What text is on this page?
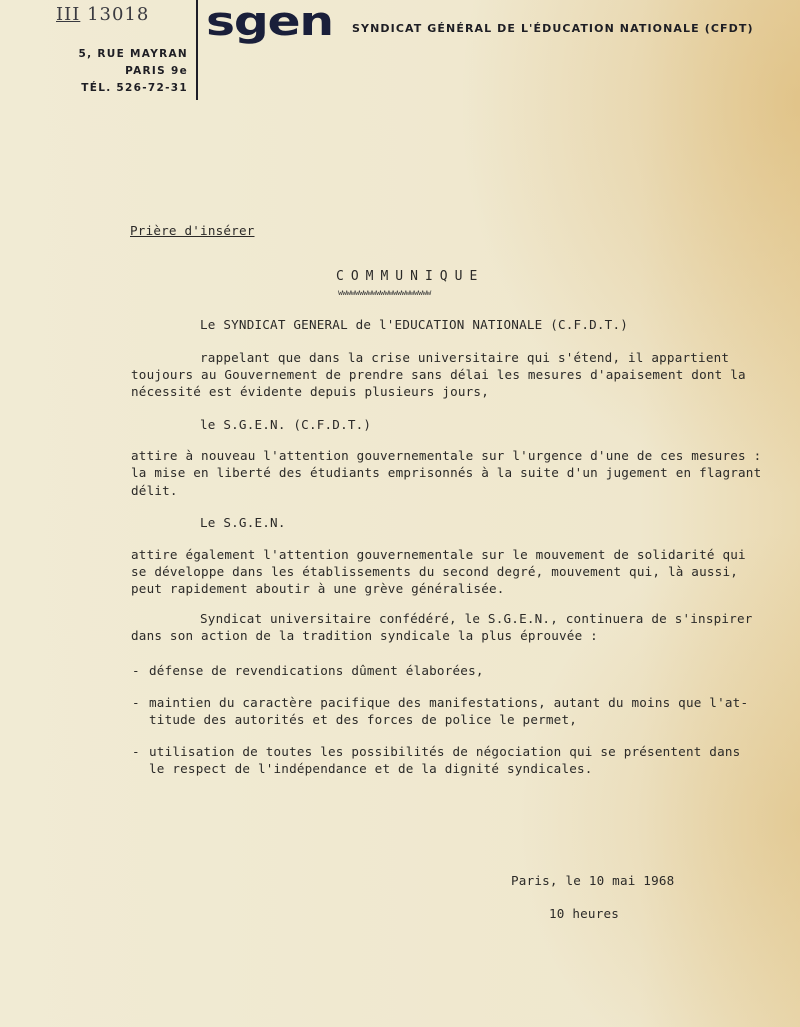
III 13018
5, RUE MAYRAN
PARIS 9e
TÉL. 526-72-31
sgen SYNDICAT GÉNÉRAL DE L'ÉDUCATION NATIONALE (CFDT)
Prière d'insérer
COMMUNIQUE
wwwwwwwwwwwwwwwwwwwwww
Le SYNDICAT GENERAL de l'EDUCATION NATIONALE (C.F.D.T.)
rappelant que dans la crise universitaire qui s'étend, il appartient
toujours au Gouvernement de prendre sans délai les mesures d'apaisement dont la
nécessité est évidente depuis plusieurs jours,
le S.G.E.N. (C.F.D.T.)
attire à nouveau l'attention gouvernementale sur l'urgence d'une de ces mesures :
la mise en liberté des étudiants emprisonnés à la suite d'un jugement en flagrant
délit.
Le S.G.E.N.
attire également l'attention gouvernementale sur le mouvement de solidarité qui
se développe dans les établissements du second degré, mouvement qui, là aussi,
peut rapidement aboutir à une grève généralisée.
Syndicat universitaire confédéré, le S.G.E.N., continuera de s'inspirer
dans son action de la tradition syndicale la plus éprouvée :
- défense de revendications dûment élaborées,
- maintien du caractère pacifique des manifestations, autant du moins que l'at-
titude des autorités et des forces de police le permet,
- utilisation de toutes les possibilités de négociation qui se présentent dans
le respect de l'indépendance et de la dignité syndicales.
Paris, le 10 mai 1968
10 heures
